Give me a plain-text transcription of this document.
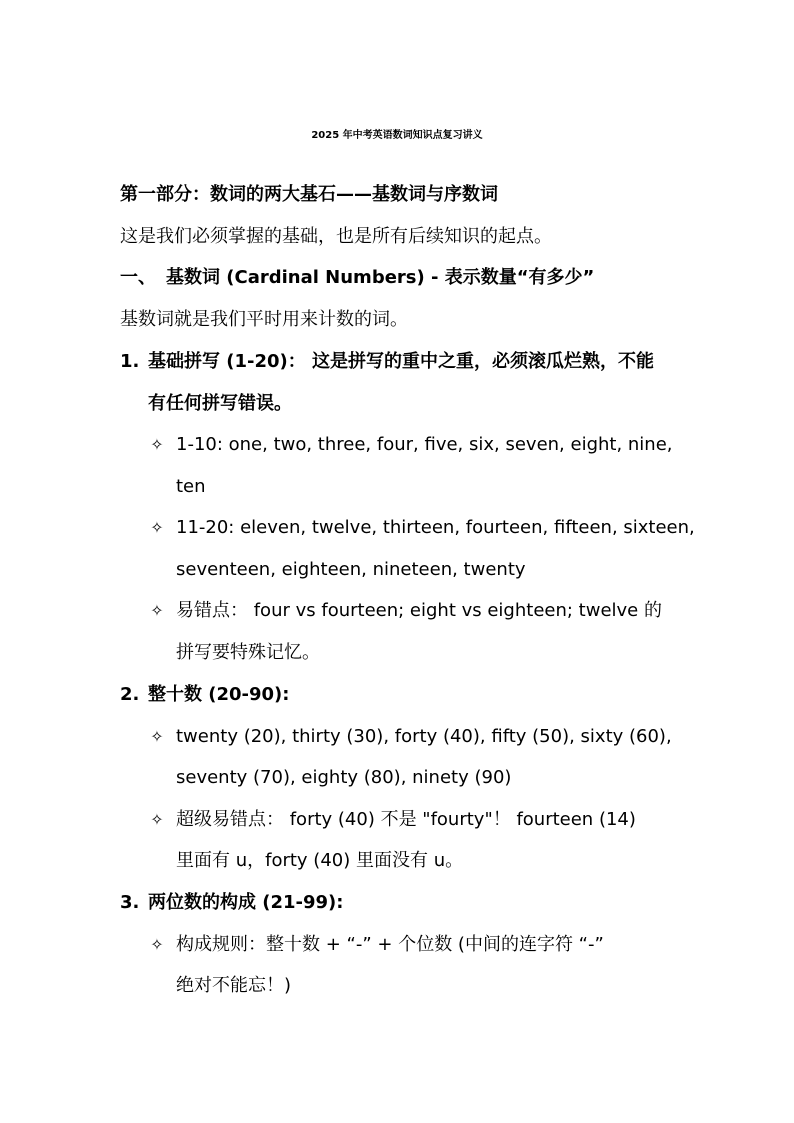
2025 年中考英语数词知识点复习讲义
第一部分：数词的两大基石——基数词与序数词
这是我们必须掌握的基础，也是所有后续知识的起点。
一、 基数词 (Cardinal Numbers) - 表示数量“有多少”
基数词就是我们平时用来计数的词。
1. 基础拼写 (1-20)： 这是拼写的重中之重，必须滚瓜烂熟，不能
有任何拼写错误。
✧ 1-10: one, two, three, four, five, six, seven, eight, nine,
ten
✧ 11-20: eleven, twelve, thirteen, fourteen, fifteen, sixteen,
seventeen, eighteen, nineteen, twenty
✧ 易错点： four vs fourteen; eight vs eighteen; twelve 的
拼写要特殊记忆。
2. 整十数 (20-90):
✧ twenty (20), thirty (30), forty (40), fifty (50), sixty (60),
seventy (70), eighty (80), ninety (90)
✧ 超级易错点： forty (40) 不是 "fourty"！ fourteen (14)
里面有 u，forty (40) 里面没有 u。
3. 两位数的构成 (21-99):
✧ 构成规则：整十数 + “-” + 个位数 (中间的连字符 “-”
绝对不能忘！)
